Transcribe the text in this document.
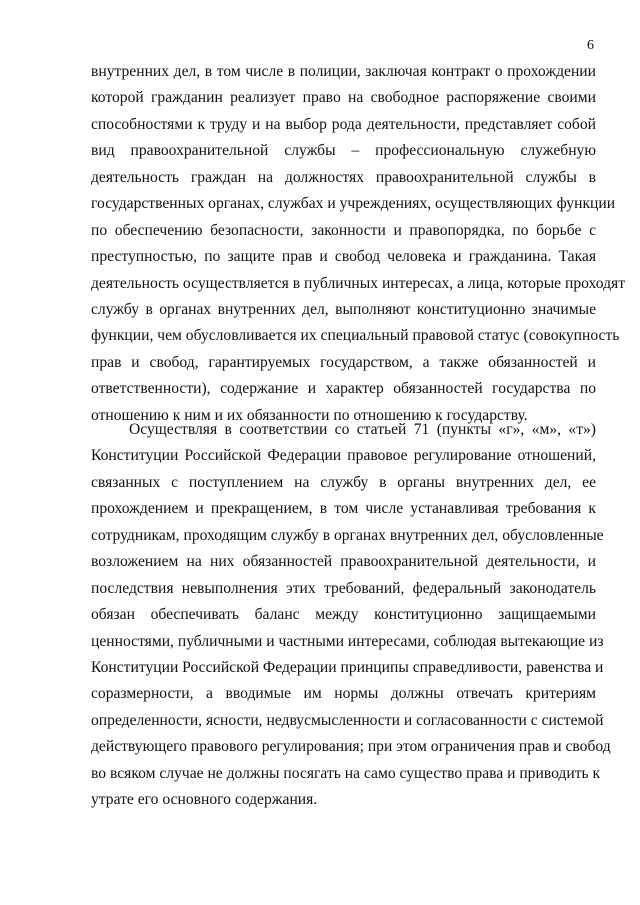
6
внутренних дел, в том числе в полиции, заключая контракт о прохождении
которой гражданин реализует право на свободное распоряжение своими
способностями к труду и на выбор рода деятельности, представляет собой
вид правоохранительной службы – профессиональную служебную
деятельность граждан на должностях правоохранительной службы в
государственных органах, службах и учреждениях, осуществляющих функции
по обеспечению безопасности, законности и правопорядка, по борьбе с
преступностью, по защите прав и свобод человека и гражданина. Такая
деятельность осуществляется в публичных интересах, а лица, которые проходят
службу в органах внутренних дел, выполняют конституционно значимые
функции, чем обусловливается их специальный правовой статус (совокупность
прав и свобод, гарантируемых государством, а также обязанностей и
ответственности), содержание и характер обязанностей государства по
отношению к ним и их обязанности по отношению к государству.
Осуществляя в соответствии со статьей 71 (пункты «г», «м», «т»)
Конституции Российской Федерации правовое регулирование отношений,
связанных с поступлением на службу в органы внутренних дел, ее
прохождением и прекращением, в том числе устанавливая требования к
сотрудникам, проходящим службу в органах внутренних дел, обусловленные
возложением на них обязанностей правоохранительной деятельности, и
последствия невыполнения этих требований, федеральный законодатель
обязан обеспечивать баланс между конституционно защищаемыми
ценностями, публичными и частными интересами, соблюдая вытекающие из
Конституции Российской Федерации принципы справедливости, равенства и
соразмерности, а вводимые им нормы должны отвечать критериям
определенности, ясности, недвусмысленности и согласованности с системой
действующего правового регулирования; при этом ограничения прав и свобод
во всяком случае не должны посягать на само существо права и приводить к
утрате его основного содержания.
